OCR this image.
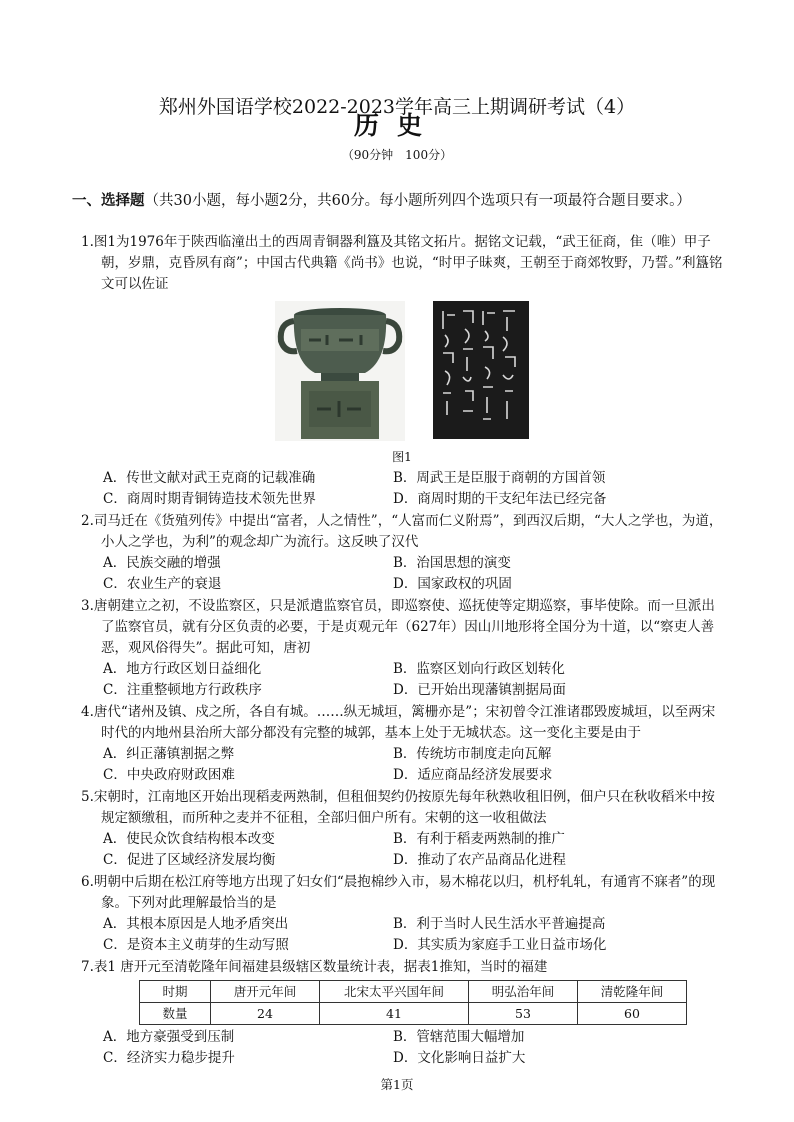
郑州外国语学校2022-2023学年高三上期调研考试（4）
历史
（90分钟　100分）
一、选择题（共30小题，每小题2分，共60分。每小题所列四个选项只有一项最符合题目要求。）
1.图1为1976年于陕西临潼出土的西周青铜器利簋及其铭文拓片。据铭文记载，“武王征商，隹（唯）甲子朝，岁鼎，克昏夙有商”；中国古代典籍《尚书》也说，“时甲子昧爽，王朝至于商郊牧野，乃誓。”利簋铭文可以佐证
图1
A．传世文献对武王克商的记载准确	B．周武王是臣服于商朝的方国首领
C．商周时期青铜铸造技术领先世界	D．商周时期的干支纪年法已经完备
2.司马迁在《货殖列传》中提出“富者，人之情性”，“人富而仁义附焉”，到西汉后期，“大人之学也，为道，小人之学也，为利”的观念却广为流行。这反映了汉代
A．民族交融的增强	B．治国思想的演变
C．农业生产的衰退	D．国家政权的巩固
3.唐朝建立之初，不设监察区，只是派遣监察官员，即巡察使、巡抚使等定期巡察，事毕使除。而一旦派出了监察官员，就有分区负责的必要，于是贞观元年（627年）因山川地形将全国分为十道，以“察吏人善恶，观风俗得失”。据此可知，唐初
A．地方行政区划日益细化	B．监察区划向行政区划转化
C．注重整顿地方行政秩序	D．已开始出现藩镇割据局面
4.唐代“诸州及镇、戍之所，各自有城。……纵无城垣，篱栅亦是”；宋初曾令江淮诸郡毁废城垣，以至两宋时代的内地州县治所大部分都没有完整的城郭，基本上处于无城状态。这一变化主要是由于
A．纠正藩镇割据之弊	B．传统坊市制度走向瓦解
C．中央政府财政困难	D．适应商品经济发展要求
5.宋朝时，江南地区开始出现稻麦两熟制，但租佃契约仍按原先每年秋熟收租旧例，佃户只在秋收稻米中按规定额缴租，而所种之麦并不征租，全部归佃户所有。宋朝的这一收租做法
A．使民众饮食结构根本改变	B．有利于稻麦两熟制的推广
C．促进了区域经济发展均衡	D．推动了农产品商品化进程
6.明朝中后期在松江府等地方出现了妇女们“晨抱棉纱入市，易木棉花以归，机杼轧轧，有通宵不寐者”的现象。下列对此理解最恰当的是
A．其根本原因是人地矛盾突出	B．利于当时人民生活水平普遍提高
C．是资本主义萌芽的生动写照	D．其实质为家庭手工业日益市场化
7.表1 唐开元至清乾隆年间福建县级辖区数量统计表，据表1推知，当时的福建
时期	唐开元年间	北宋太平兴国年间	明弘治年间	清乾隆年间
数量	24	41	53	60
A．地方豪强受到压制	B．管辖范围大幅增加
C．经济实力稳步提升	D．文化影响日益扩大
第1页
